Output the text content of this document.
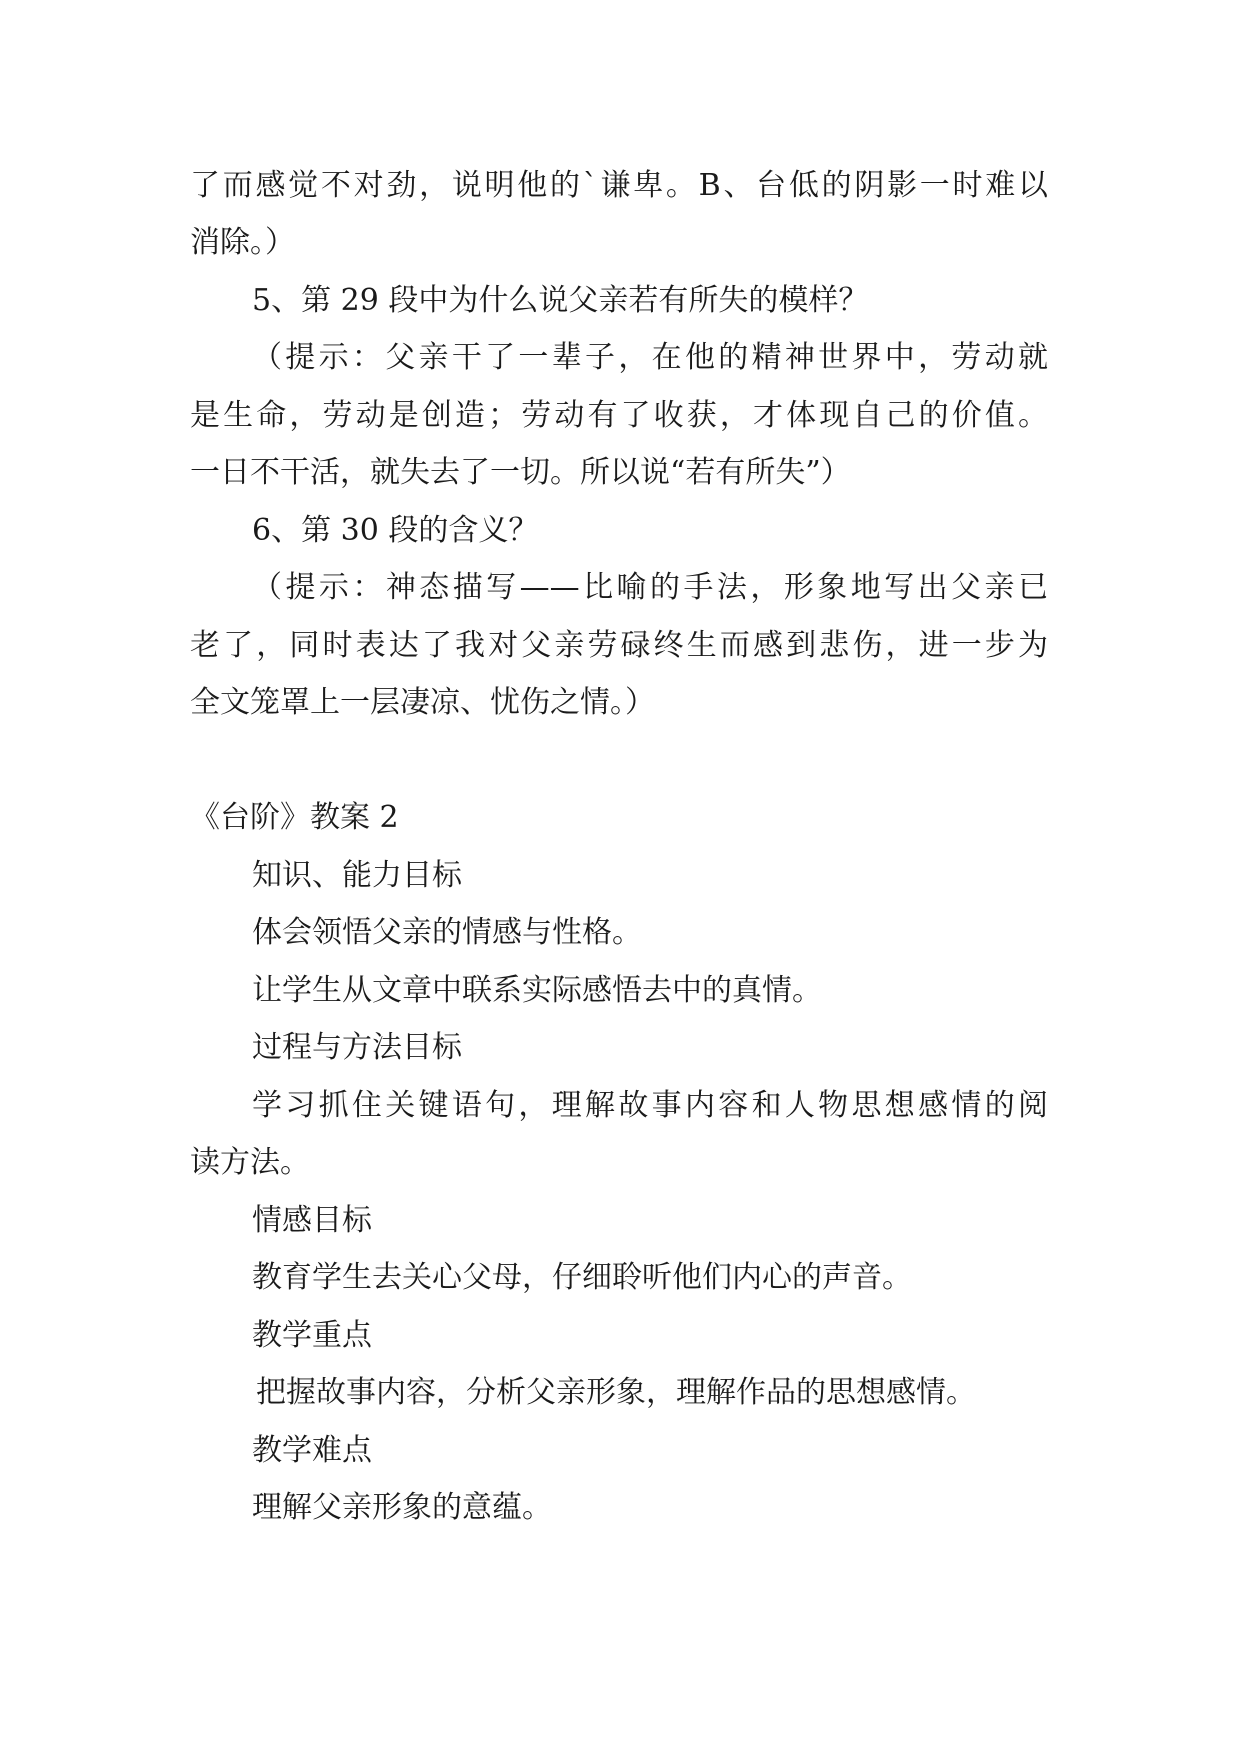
了而感觉不对劲，说明他的`谦卑。B、台低的阴影一时难以
消除。）
5、第 29 段中为什么说父亲若有所失的模样？
（提示：父亲干了一辈子，在他的精神世界中，劳动就
是生命，劳动是创造；劳动有了收获，才体现自己的价值。
一日不干活，就失去了一切。所以说“若有所失”）
6、第 30 段的含义？
（提示：神态描写——比喻的手法，形象地写出父亲已
老了，同时表达了我对父亲劳碌终生而感到悲伤，进一步为
全文笼罩上一层凄凉、忧伤之情。）
《台阶》教案 2
知识、能力目标
体会领悟父亲的情感与性格。
让学生从文章中联系实际感悟去中的真情。
过程与方法目标
学习抓住关键语句，理解故事内容和人物思想感情的阅
读方法。
情感目标
教育学生去关心父母，仔细聆听他们内心的声音。
教学重点
把握故事内容，分析父亲形象，理解作品的思想感情。
教学难点
理解父亲形象的意蕴。
